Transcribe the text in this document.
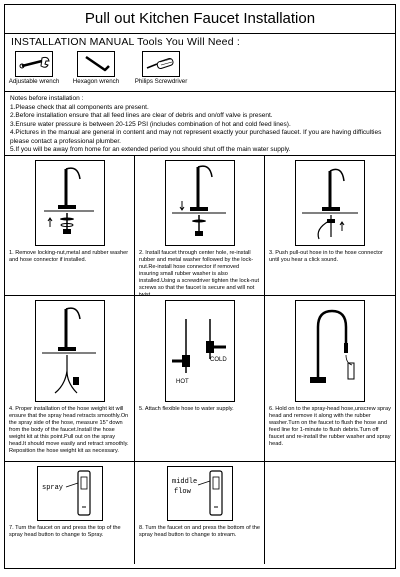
Pull out Kitchen Faucet Installation
INSTALLATION MANUAL Tools You Will Need :
Adjustable wrench	Hexagon wrench	Philips Screwdriver
Notes before installation :
1.Please check that all components are present.
2.Before installation ensure that all feed lines are clear of debris and on/off valve is present.
3.Ensure water pressure is between 20-125 PSI (includes combination of hot and cold feed lines).
4.Pictures in the manual are general in content and may not represent exactly your purchased faucet. If you are having difficulties please contact a professional plumber.
5.If you will be away from home for an extended period you should shut off the main water supply.
1. Remove locking-nut,metal and rubber washer and hose connector if installed.
2. Install faucet through center hole, re-install rubber and metal washer followed by the lock-nut.Re-install hose connector if removed insuring small rubber washer is also installed.Using a screwdriver tighten the lock-nut screws so that the faucet is secure and will not twist.
3. Push pull-out hose in to the hose connector until you hear a click sound.
4. Proper installation of the hose weight kit will ensure that the spray head retracts smoothly.On the spray side of the hose, measure 15" down from the body of the faucet.Install the hose weight kit at this point.Pull out on the spray head.It should move easily and retract smoothly. Reposition the hose weight kit as necessary.
COLD
HOT
5. Attach flexible hose to water supply.	6. Hold on to the spray-head hose,unscrew spray head and remove it along with the rubber washer.Turn on the faucet to flush the hose and feed line for 1-minute to flush debris.Turn off faucet and re-install the rubber washer and spray head.
spray
7. Turn the faucet on and press the top of the spray head button to change to Spray.
middle
flow
8. Turn the faucet on and press the bottom of the spray head button to change to stream.
